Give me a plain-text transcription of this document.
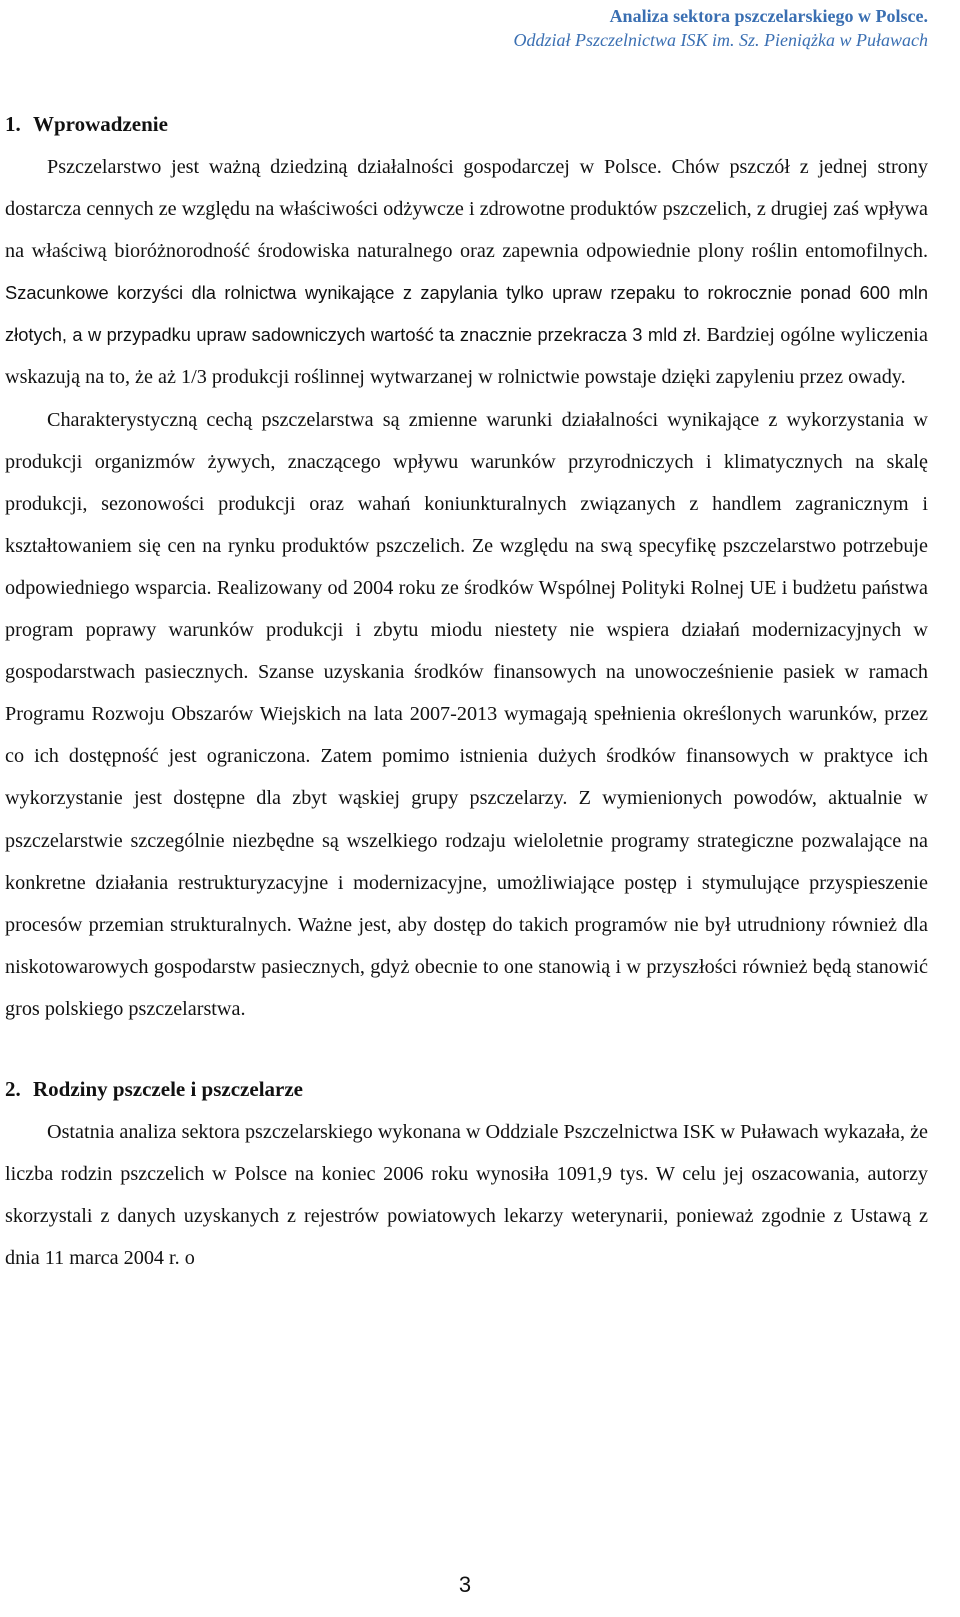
Analiza sektora pszczelarskiego w Polsce.
Oddział Pszczelnictwa ISK im. Sz. Pieniążka w Puławach
1. Wprowadzenie

Pszczelarstwo jest ważną dziedziną działalności gospodarczej w Polsce. Chów pszczół z jednej strony dostarcza cennych ze względu na właściwości odżywcze i zdrowotne produktów pszczelich, z drugiej zaś wpływa na właściwą bioróżnorodność środowiska naturalnego oraz zapewnia odpowiednie plony roślin entomofilnych. Szacunkowe korzyści dla rolnictwa wynikające z zapylania tylko upraw rzepaku to rokrocznie ponad 600 mln złotych, a w przypadku upraw sadowniczych wartość ta znacznie przekracza 3 mld zł. Bardziej ogólne wyliczenia wskazują na to, że aż 1/3 produkcji roślinnej wytwarzanej w rolnictwie powstaje dzięki zapyleniu przez owady.

Charakterystyczną cechą pszczelarstwa są zmienne warunki działalności wynikające z wykorzystania w produkcji organizmów żywych, znaczącego wpływu warunków przyrodniczych i klimatycznych na skalę produkcji, sezonowości produkcji oraz wahań koniunkturalnych związanych z handlem zagranicznym i kształtowaniem się cen na rynku produktów pszczelich. Ze względu na swą specyfikę pszczelarstwo potrzebuje odpowiedniego wsparcia. Realizowany od 2004 roku ze środków Wspólnej Polityki Rolnej UE i budżetu państwa program poprawy warunków produkcji i zbytu miodu niestety nie wspiera działań modernizacyjnych w gospodarstwach pasiecznych. Szanse uzyskania środków finansowych na unowocześnienie pasiek w ramach Programu Rozwoju Obszarów Wiejskich na lata 2007-2013 wymagają spełnienia określonych warunków, przez co ich dostępność jest ograniczona. Zatem pomimo istnienia dużych środków finansowych w praktyce ich wykorzystanie jest dostępne dla zbyt wąskiej grupy pszczelarzy. Z wymienionych powodów, aktualnie w pszczelarstwie szczególnie niezbędne są wszelkiego rodzaju wieloletnie programy strategiczne pozwalające na konkretne działania restrukturyzacyjne i modernizacyjne, umożliwiające postęp i stymulujące przyspieszenie procesów przemian strukturalnych. Ważne jest, aby dostęp do takich programów nie był utrudniony również dla niskotowarowych gospodarstw pasiecznych, gdyż obecnie to one stanowią i w przyszłości również będą stanowić gros polskiego pszczelarstwa.

2. Rodziny pszczele i pszczelarze

Ostatnia analiza sektora pszczelarskiego wykonana w Oddziale Pszczelnictwa ISK w Puławach wykazała, że liczba rodzin pszczelich w Polsce na koniec 2006 roku wynosiła 1091,9 tys. W celu jej oszacowania, autorzy skorzystali z danych uzyskanych z rejestrów powiatowych lekarzy weterynarii, ponieważ zgodnie z Ustawą z dnia 11 marca 2004 r. o

3
